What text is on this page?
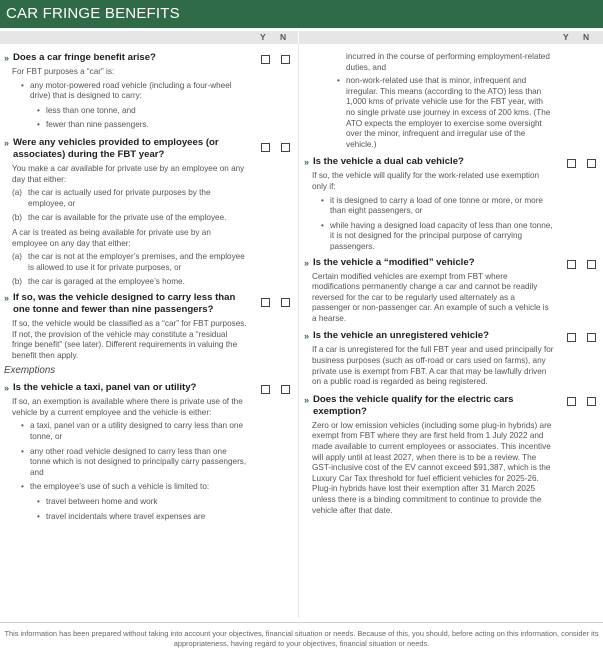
CAR FRINGE BENEFITS
Y N	Y N
» Does a car fringe benefit arise?

For FBT purposes a “car” is:

• any motor-powered road vehicle (including a four-wheel drive) that is designed to carry:
• less than one tonne, and
• fewer than nine passengers.
» Were any vehicles provided to employees (or associates) during the FBT year?

You make a car available for private use by an employee on any day that either:

(a) the car is actually used for private purposes by the employee, or
(b) the car is available for the private use of the employee.

A car is treated as being available for private use by an employee on any day that either:

(a) the car is not at the employer’s premises, and the employee is allowed to use it for private purposes, or
(b) the car is garaged at the employee’s home.
» If so, was the vehicle designed to carry less than one tonne and fewer than nine passengers?

If so, the vehicle would be classified as a “car” for FBT purposes. If not, the provision of the vehicle may constitute a “residual fringe benefit” (see later). Different requirements in valuing the benefit then apply.

Exemptions
» Is the vehicle a taxi, panel van or utility?

If so, an exemption is available where there is private use of the vehicle by a current employee and the vehicle is either:

• a taxi, panel van or a utility designed to carry less than one tonne, or
• any other road vehicle designed to carry less than one tonne which is not designed to principally carry passengers, and
• the employee’s use of such a vehicle is limited to:
• travel between home and work
• travel incidentals where travel expenses are

incurred in the course of performing employment-related duties, and

• non-work-related use that is minor, infrequent and irregular. This means (according to the ATO) less than 1,000 kms of private vehicle use for the FBT year, with no single private use journey in excess of 200 kms. (The ATO expects the employer to exercise some oversight over the minor, infrequent and irregular use of the vehicle.)
» Is the vehicle a dual cab vehicle?

If so, the vehicle will qualify for the work-related use exemption only if:

• it is designed to carry a load of one tonne or more, or more than eight passengers, or
• while having a designed load capacity of less than one tonne, it is not designed for the principal purpose of carrying passengers.
» Is the vehicle a “modified” vehicle?

Certain modified vehicles are exempt from FBT where modifications permanently change a car and cannot be readily reversed for the car to be regularly used alternately as a passenger or non-passenger car. An example of such a vehicle is a hearse.

» Is the vehicle an unregistered vehicle?

If a car is unregistered for the full FBT year and used principally for business purposes (such as off-road or cars used on farms), any private use is exempt from FBT. A car that may be lawfully driven on a public road is regarded as being registered.

» Does the vehicle qualify for the electric cars exemption?

Zero or low emission vehicles (including some plug-in hybrids) are exempt from FBT where they are first held from 1 July 2022 and made available to current employees or associates. This incentive will apply until at least 2027, when there is to be a review. The GST-inclusive cost of the EV cannot exceed $91,387, which is the Luxury Car Tax threshold for fuel efficient vehicles for 2025-26. Plug-in hybrids have lost their exemption after 31 March 2025 unless there is a binding commitment to continue to provide the vehicle after that date.

This information has been prepared without taking into account your objectives, financial situation or needs. Because of this, you should, before acting on this information, consider its appropriateness, having regard to your objectives, financial situation or needs.
